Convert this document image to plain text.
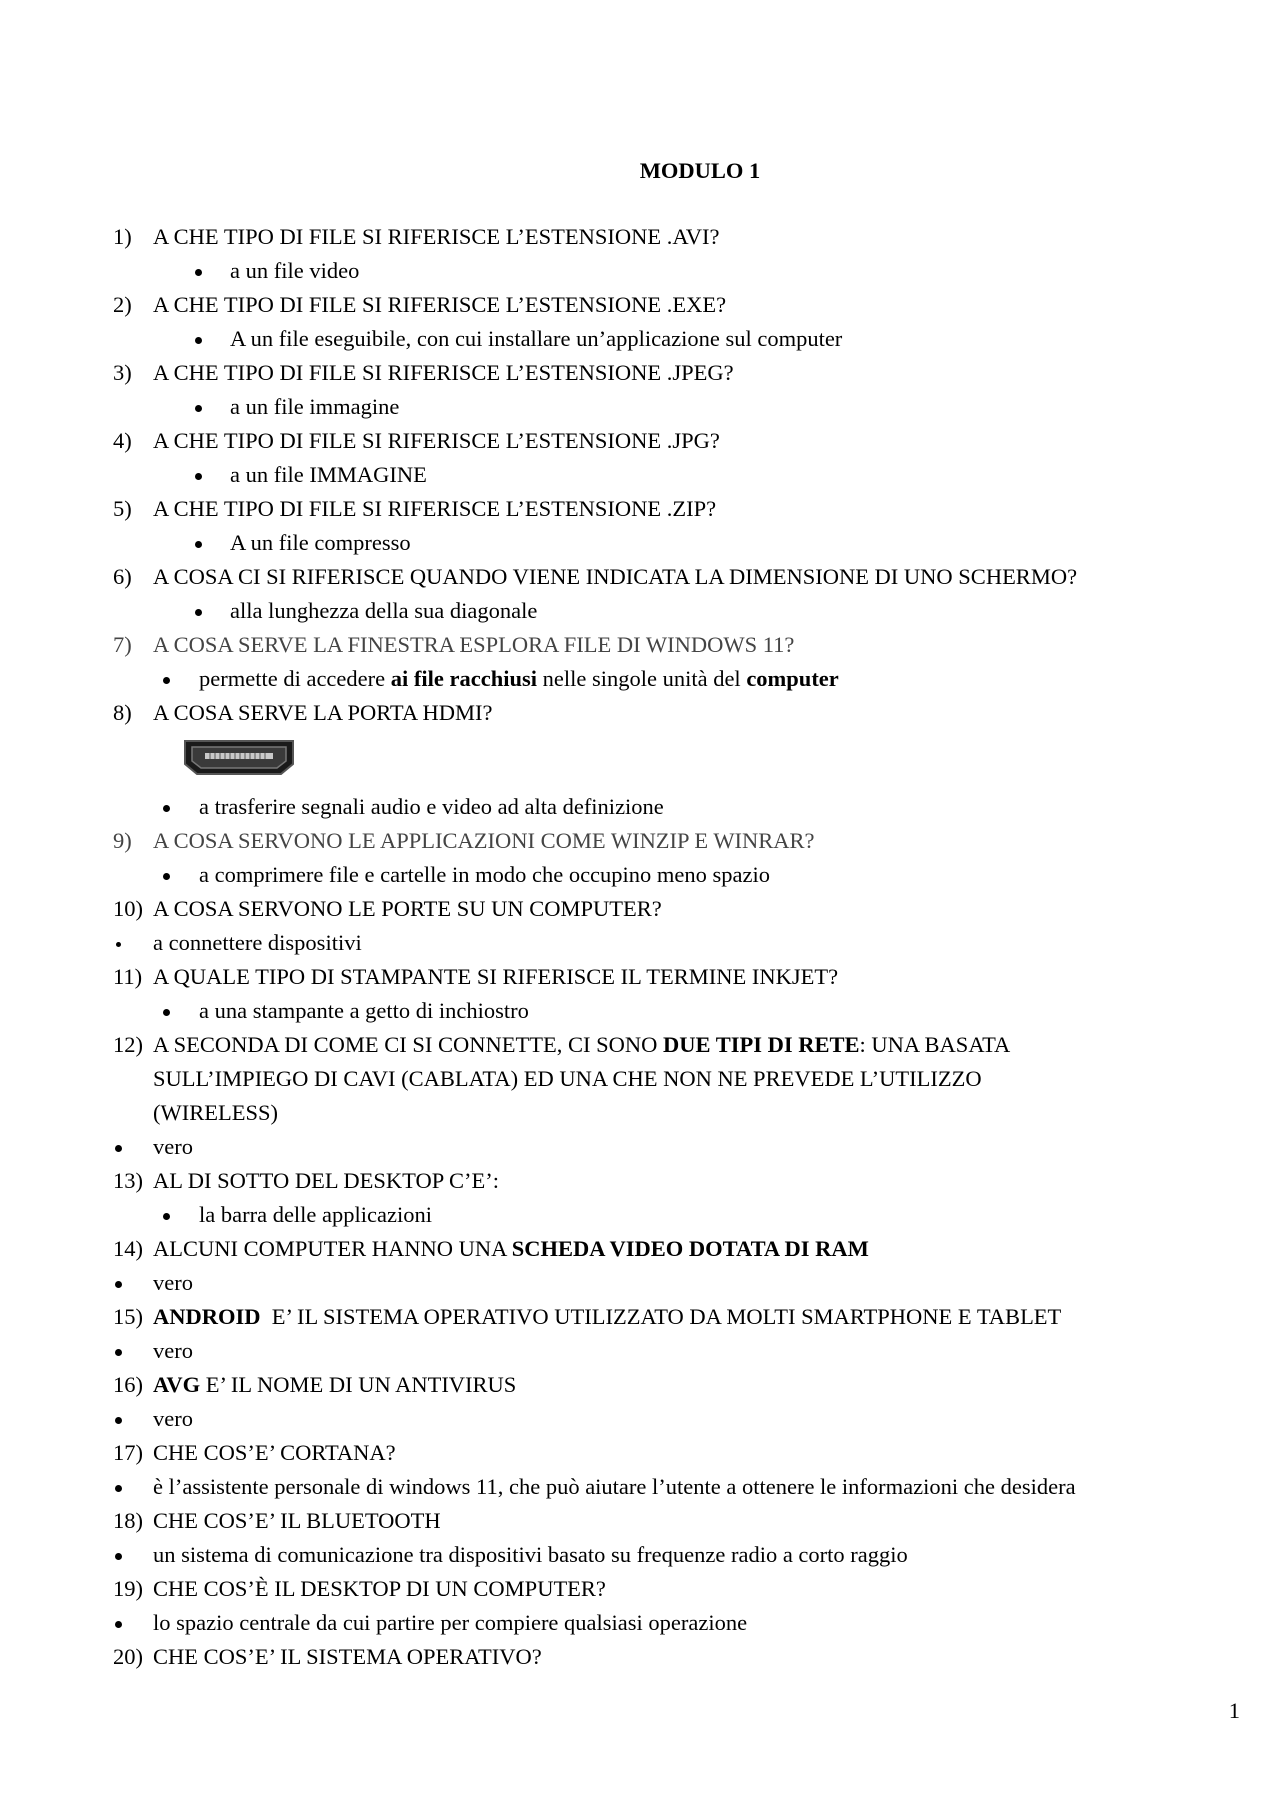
MODULO 1
1) A CHE TIPO DI FILE SI RIFERISCE L’ESTENSIONE .AVI?
a un file video
2) A CHE TIPO DI FILE SI RIFERISCE L’ESTENSIONE .EXE?
A un file eseguibile, con cui installare un’applicazione sul computer
3) A CHE TIPO DI FILE SI RIFERISCE L’ESTENSIONE .JPEG?
a un file immagine
4) A CHE TIPO DI FILE SI RIFERISCE L’ESTENSIONE .JPG?
a un file IMMAGINE
5) A CHE TIPO DI FILE SI RIFERISCE L’ESTENSIONE .ZIP?
A un file compresso
6) A COSA CI SI RIFERISCE QUANDO VIENE INDICATA LA DIMENSIONE DI UNO SCHERMO?
alla lunghezza della sua diagonale
7) A COSA SERVE LA FINESTRA ESPLORA FILE DI WINDOWS 11?
permette di accedere ai file racchiusi nelle singole unità del computer
8) A COSA SERVE LA PORTA HDMI?
a trasferire segnali audio e video ad alta definizione
9) A COSA SERVONO LE APPLICAZIONI COME WINZIP E WINRAR?
a comprimere file e cartelle in modo che occupino meno spazio
10) A COSA SERVONO LE PORTE SU UN COMPUTER?
a connettere dispositivi
11) A QUALE TIPO DI STAMPANTE SI RIFERISCE IL TERMINE INKJET?
a una stampante a getto di inchiostro
12) A SECONDA DI COME CI SI CONNETTE, CI SONO DUE TIPI DI RETE: UNA BASATA
SULL’IMPIEGO DI CAVI (CABLATA) ED UNA CHE NON NE PREVEDE L’UTILIZZO
(WIRELESS)
vero
13) AL DI SOTTO DEL DESKTOP C’E’:
la barra delle applicazioni
14) ALCUNI COMPUTER HANNO UNA SCHEDA VIDEO DOTATA DI RAM
vero
15) ANDROID  E’ IL SISTEMA OPERATIVO UTILIZZATO DA MOLTI SMARTPHONE E TABLET
vero
16) AVG E’ IL NOME DI UN ANTIVIRUS
vero
17) CHE COS’E’ CORTANA?
è l’assistente personale di windows 11, che può aiutare l’utente a ottenere le informazioni che desidera
18) CHE COS’E’ IL BLUETOOTH
un sistema di comunicazione tra dispositivi basato su frequenze radio a corto raggio
19) CHE COS’È IL DESKTOP DI UN COMPUTER?
lo spazio centrale da cui partire per compiere qualsiasi operazione
20) CHE COS’E’ IL SISTEMA OPERATIVO?
1
